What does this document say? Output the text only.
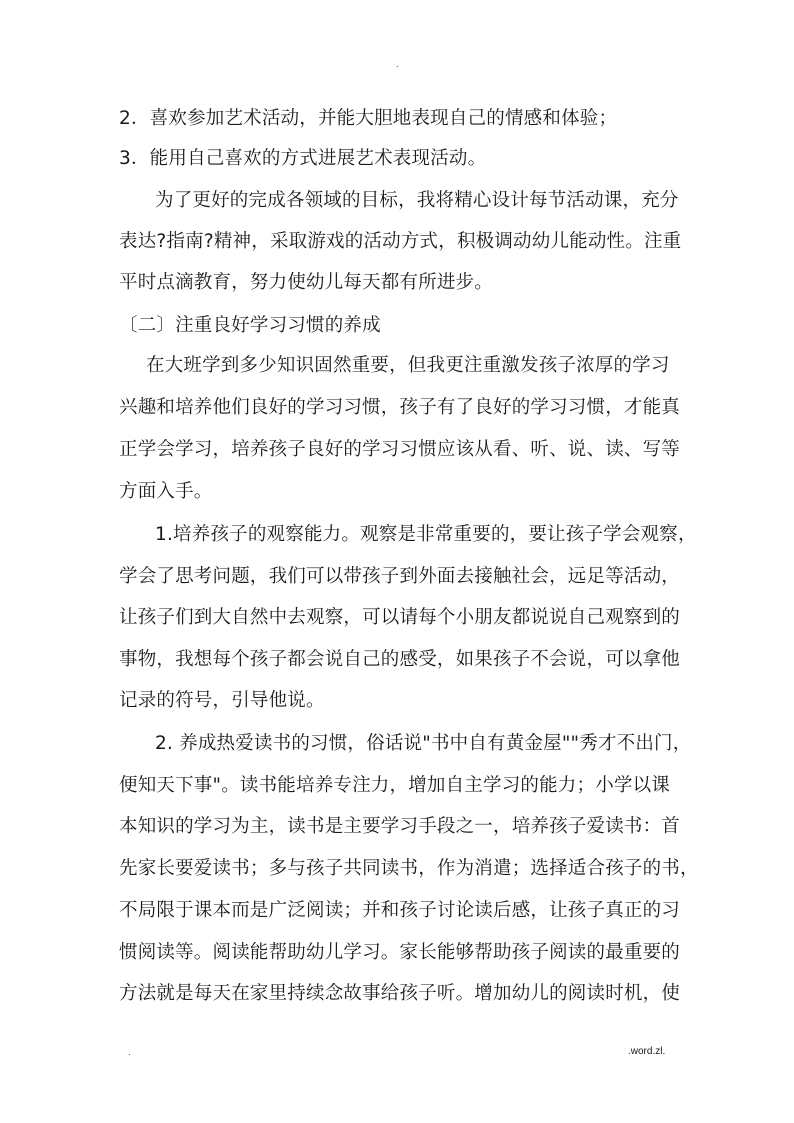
.
2．喜欢参加艺术活动，并能大胆地表现自己的情感和体验；
3．能用自己喜欢的方式进展艺术表现活动。
为了更好的完成各领域的目标，我将精心设计每节活动课，充分
表达?指南?精神，采取游戏的活动方式，积极调动幼儿能动性。注重
平时点滴教育，努力使幼儿每天都有所进步。
〔二〕注重良好学习习惯的养成
在大班学到多少知识固然重要，但我更注重激发孩子浓厚的学习
兴趣和培养他们良好的学习习惯，孩子有了良好的学习习惯，才能真
正学会学习，培养孩子良好的学习习惯应该从看、听、说、读、写等
方面入手。
1.培养孩子的观察能力。观察是非常重要的，要让孩子学会观察，
学会了思考问题，我们可以带孩子到外面去接触社会，远足等活动，
让孩子们到大自然中去观察，可以请每个小朋友都说说自己观察到的
事物，我想每个孩子都会说自己的感受，如果孩子不会说，可以拿他
记录的符号，引导他说。
2. 养成热爱读书的习惯，俗话说"书中自有黄金屋""秀才不出门，
便知天下事"。读书能培养专注力，增加自主学习的能力；小学以课
本知识的学习为主，读书是主要学习手段之一，培养孩子爱读书：首
先家长要爱读书；多与孩子共同读书，作为消遣；选择适合孩子的书，
不局限于课本而是广泛阅读；并和孩子讨论读后感，让孩子真正的习
惯阅读等。阅读能帮助幼儿学习。家长能够帮助孩子阅读的最重要的
方法就是每天在家里持续念故事给孩子听。增加幼儿的阅读时机，使
.	.word.zl.
